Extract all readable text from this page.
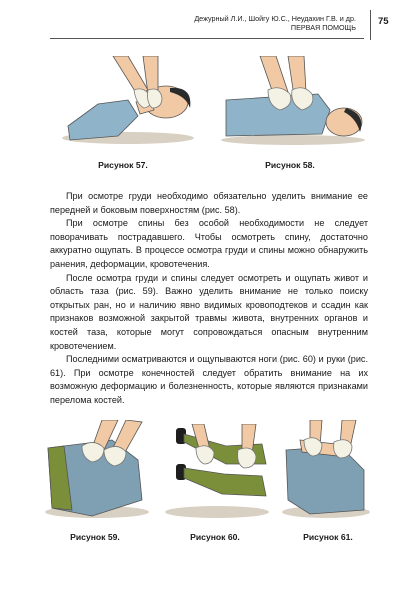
Дежурный Л.И., Шойгу Ю.С., Неудахин Г.В. и др.
ПЕРВАЯ ПОМОЩЬ
75
Рисунок 57.	Рисунок 58.

При осмотре груди необходимо обязательно уделить внимание ее передней и боковым поверхностям (рис. 58).

При осмотре спины без особой необходимости не следует поворачивать пострадавшего. Чтобы осмотреть спину, достаточно аккуратно ощупать. В процессе осмотра груди и спины можно обнаружить ранения, деформации, кровотечения.

После осмотра груди и спины следует осмотреть и ощупать живот и область таза (рис. 59). Важно уделить внимание не только поиску открытых ран, но и наличию явно видимых кровоподтеков и ссадин как признаков возможной закрытой травмы живота, внутренних органов и костей таза, которые могут сопровождаться опасным внутренним кровотечением.

Последними осматриваются и ощупываются ноги (рис. 60) и руки (рис. 61). При осмотре конечностей следует обратить внимание на их возможную деформацию и болезненность, которые являются признаками перелома костей.

Рисунок 59.	Рисунок 60.	Рисунок 61.
